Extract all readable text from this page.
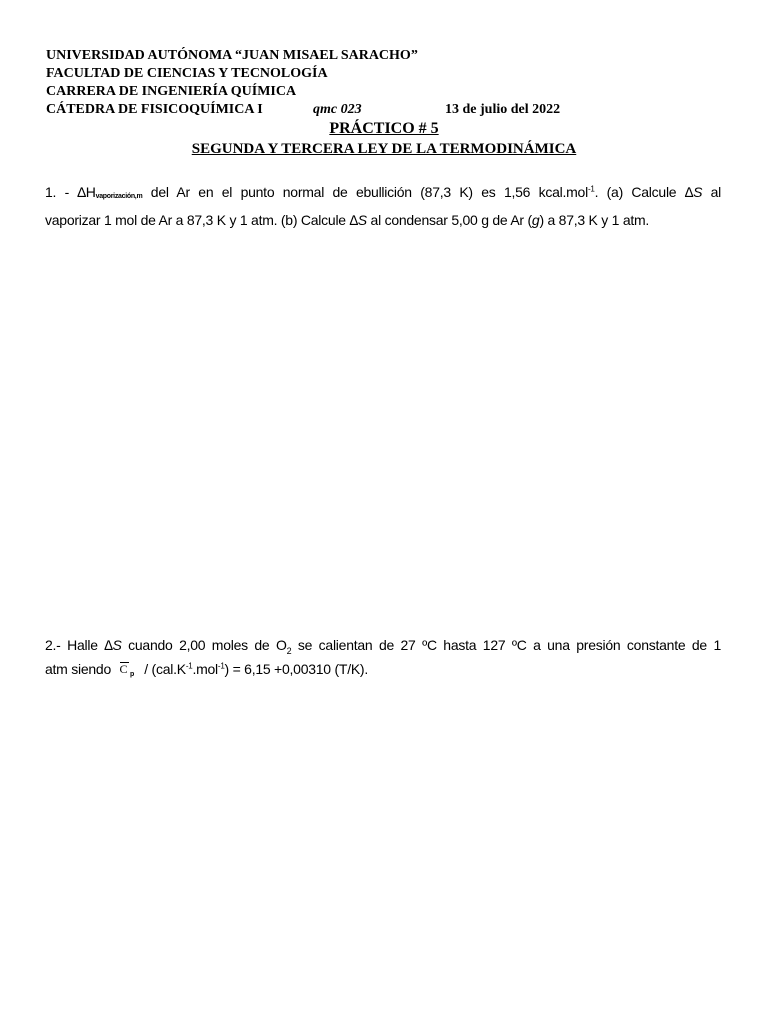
UNIVERSIDAD AUTÓNOMA “JUAN MISAEL SARACHO”
FACULTAD DE CIENCIAS Y TECNOLOGÍA
CARRERA DE INGENIERÍA QUÍMICA
CÁTEDRA DE FISICOQUÍMICA I	qmc 023	13 de julio del 2022
PRÁCTICO # 5
SEGUNDA Y TERCERA LEY DE LA TERMODINÁMICA
1. - ∆Hvaporización,m del Ar en el punto normal de ebullición (87,3 K) es 1,56 kcal.mol$^{-1}$. (a) Calcule ∆S al
vaporizar 1 mol de Ar a 87,3 K y 1 atm. (b) Calcule ∆S al condensar 5,00 g de Ar (g) a 87,3 K y 1 atm.
2.- Halle ∆S cuando 2,00 moles de $O_2$ se calientan de 27 ºC hasta 127 ºC a una presión constante de 1
atm siendo C $p / (cal.K^{-1}.mol^{-1}) = 6,15 +0,00310$ (T/K).
